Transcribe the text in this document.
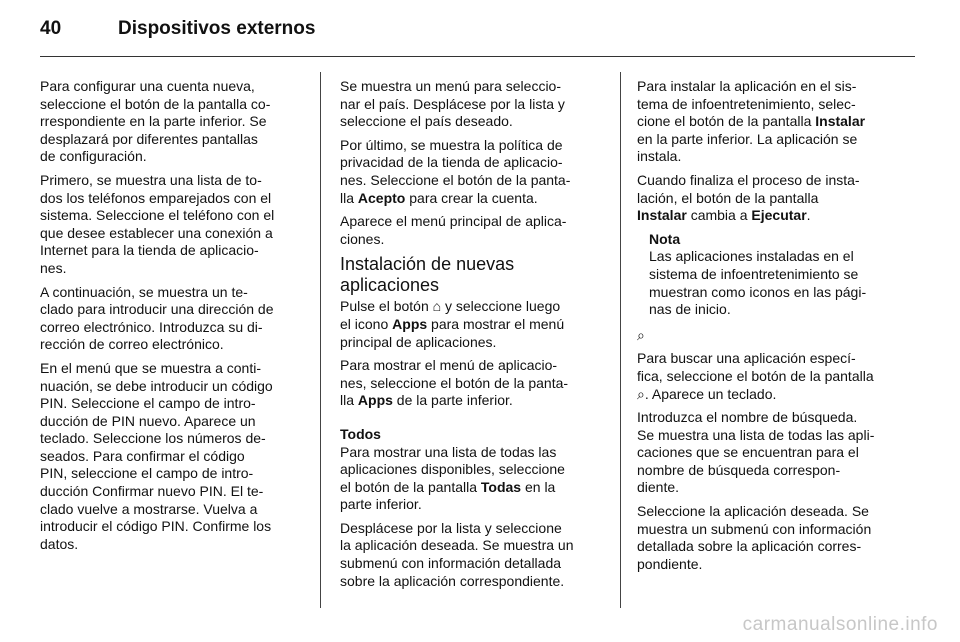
40	Dispositivos externos

Para configurar una cuenta nueva,
seleccione el botón de la pantalla co-
rrespondiente en la parte inferior. Se
desplazará por diferentes pantallas
de configuración.

Primero, se muestra una lista de to-
dos los teléfonos emparejados con el
sistema. Seleccione el teléfono con el
que desee establecer una conexión a
Internet para la tienda de aplicacio-
nes.

A continuación, se muestra un te-
clado para introducir una dirección de
correo electrónico. Introduzca su di-
rección de correo electrónico.

En el menú que se muestra a conti-
nuación, se debe introducir un código
PIN. Seleccione el campo de intro-
ducción de PIN nuevo. Aparece un
teclado. Seleccione los números de-
seados. Para confirmar el código
PIN, seleccione el campo de intro-
ducción Confirmar nuevo PIN. El te-
clado vuelve a mostrarse. Vuelva a
introducir el código PIN. Confirme los
datos.

Se muestra un menú para seleccio-
nar el país. Desplácese por la lista y
seleccione el país deseado.

Por último, se muestra la política de
privacidad de la tienda de aplicacio-
nes. Seleccione el botón de la panta-
lla Acepto para crear la cuenta.

Aparece el menú principal de aplica-
ciones.

Instalación de nuevas
aplicaciones

Pulse el botón ⌂ y seleccione luego
el icono Apps para mostrar el menú
principal de aplicaciones.

Para mostrar el menú de aplicacio-
nes, seleccione el botón de la panta-
lla Apps de la parte inferior.

Todos

Para mostrar una lista de todas las
aplicaciones disponibles, seleccione
el botón de la pantalla Todas en la
parte inferior.

Desplácese por la lista y seleccione
la aplicación deseada. Se muestra un
submenú con información detallada
sobre la aplicación correspondiente.

Para instalar la aplicación en el sis-
tema de infoentretenimiento, selec-
cione el botón de la pantalla Instalar
en la parte inferior. La aplicación se
instala.

Cuando finaliza el proceso de insta-
lación, el botón de la pantalla
Instalar cambia a Ejecutar.

Nota
Las aplicaciones instaladas en el
sistema de infoentretenimiento se
muestran como iconos en las pági-
nas de inicio.

⌕

Para buscar una aplicación especí-
fica, seleccione el botón de la pantalla
⌕. Aparece un teclado.

Introduzca el nombre de búsqueda.
Se muestra una lista de todas las apli-
caciones que se encuentran para el
nombre de búsqueda correspon-
diente.

Seleccione la aplicación deseada. Se
muestra un submenú con información
detallada sobre la aplicación corres-
pondiente.

carmanualsonline.info
